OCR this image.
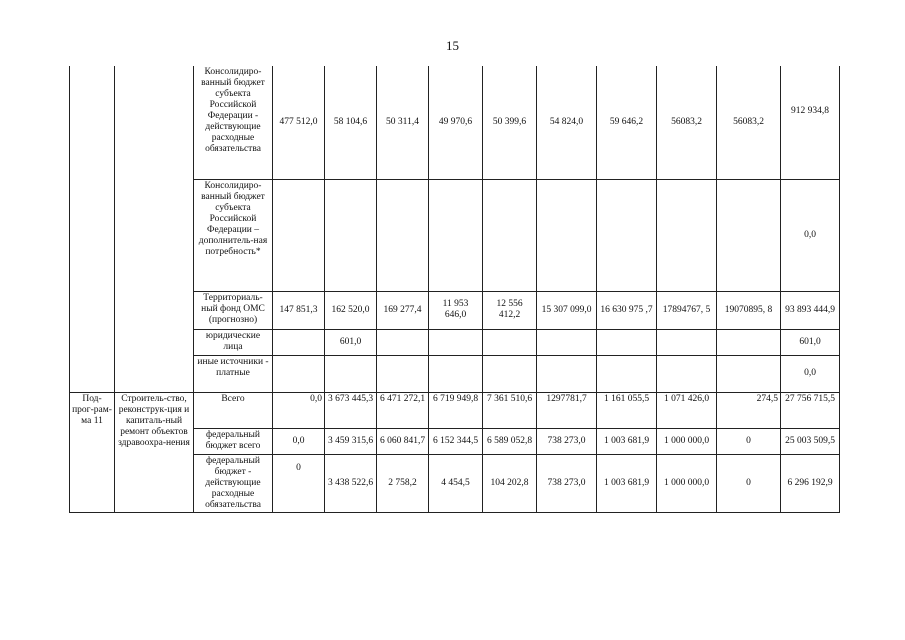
15
		Консолидиро-ванный бюджет субъекта Российской Федерации - действующие расходные обязательства	477 512,0	58 104,6	50 311,4	49 970,6	50 399,6	54 824,0	59 646,2	56083,2	56083,2	912 934,8
		Консолидиро-ванный бюджет субъекта Российской Федерации – дополнитель-ная потребность*										0,0
		Территориаль-ный фонд ОМС (прогнозно)	147 851,3	162 520,0	169 277,4	11 953 646,0	12 556 412,2	15 307 099,0	16 630 975 ,7	17894767, 5	19070895, 8	93 893 444,9
		юридические лица		601,0								601,0
		иные источники - платные										0,0
Под-прог-рам-ма 11	Строитель-ство, реконструк-ция и капиталь-ный ремонт объектов здравоохра-нения	Всего	0,0	3 673 445,3	6 471 272,1	6 719 949,8	7 361 510,6	1297781,7	1 161 055,5	1 071 426,0	274,5	27 756 715,5
		федеральный бюджет всего	0,0	3 459 315,6	6 060 841,7	6 152 344,5	6 589 052,8	738 273,0	1 003 681,9	1 000 000,0	0	25 003 509,5
		федеральный бюджет - действующие расходные обязательства	0	3 438 522,6	2 758,2	4 454,5	104 202,8	738 273,0	1 003 681,9	1 000 000,0	0	6 296 192,9
